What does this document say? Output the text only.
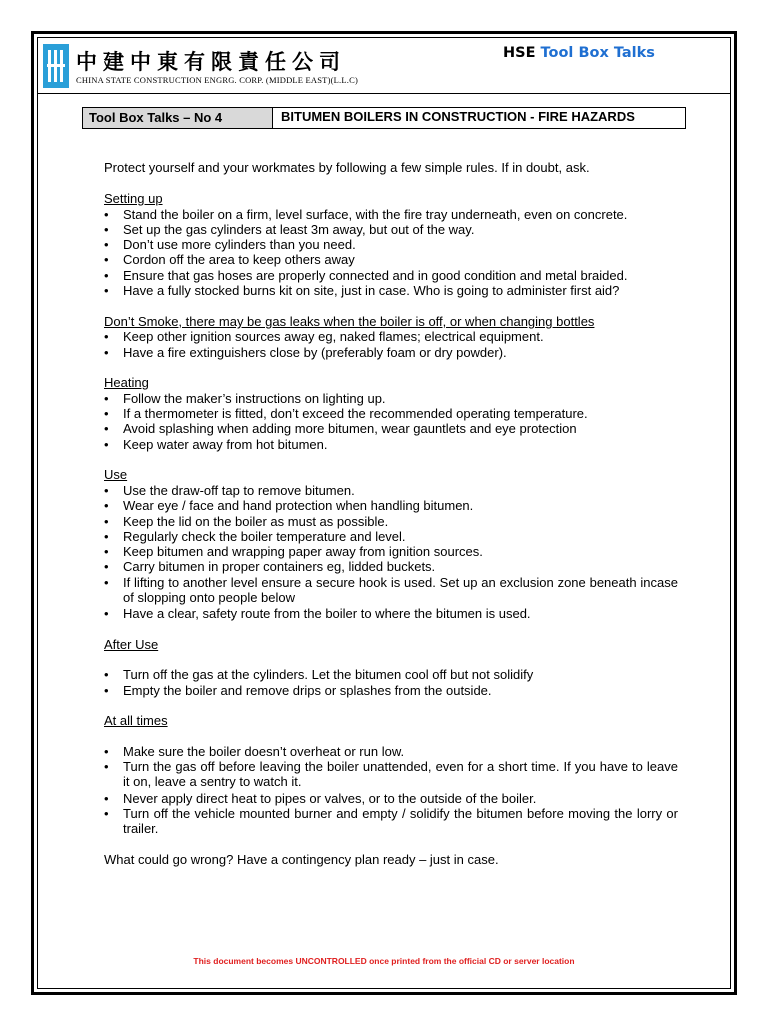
中建中東有限責任公司
CHINA STATE CONSTRUCTION ENGRG. CORP. (MIDDLE EAST)(L.L.C)
HSE Tool Box Talks
Tool Box Talks – No 4	BITUMEN BOILERS IN CONSTRUCTION - FIRE HAZARDS
Protect yourself and your workmates by following a few simple rules. If in doubt, ask.
Setting up
• Stand the boiler on a firm, level surface, with the fire tray underneath, even on concrete.
• Set up the gas cylinders at least 3m away, but out of the way.
• Don’t use more cylinders than you need.
• Cordon off the area to keep others away
• Ensure that gas hoses are properly connected and in good condition and metal braided.
• Have a fully stocked burns kit on site, just in case. Who is going to administer first aid?
Don’t Smoke, there may be gas leaks when the boiler is off, or when changing bottles
• Keep other ignition sources away eg, naked flames; electrical equipment.
• Have a fire extinguishers close by (preferably foam or dry powder).
Heating
• Follow the maker’s instructions on lighting up.
• If a thermometer is fitted, don’t exceed the recommended operating temperature.
• Avoid splashing when adding more bitumen, wear gauntlets and eye protection
• Keep water away from hot bitumen.
Use
• Use the draw-off tap to remove bitumen.
• Wear eye / face and hand protection when handling bitumen.
• Keep the lid on the boiler as must as possible.
• Regularly check the boiler temperature and level.
• Keep bitumen and wrapping paper away from ignition sources.
• Carry bitumen in proper containers eg, lidded buckets.
• If lifting to another level ensure a secure hook is used. Set up an exclusion zone beneath incase of slopping onto people below
• Have a clear, safety route from the boiler to where the bitumen is used.
After Use
• Turn off the gas at the cylinders. Let the bitumen cool off but not solidify
• Empty the boiler and remove drips or splashes from the outside.
At all times
• Make sure the boiler doesn’t overheat or run low.
• Turn the gas off before leaving the boiler unattended, even for a short time. If you have to leave it on, leave a sentry to watch it.
• Never apply direct heat to pipes or valves, or to the outside of the boiler.
• Turn off the vehicle mounted burner and empty / solidify the bitumen before moving the lorry or trailer.
What could go wrong? Have a contingency plan ready – just in case.
This document becomes UNCONTROLLED once printed from the official CD or server location
